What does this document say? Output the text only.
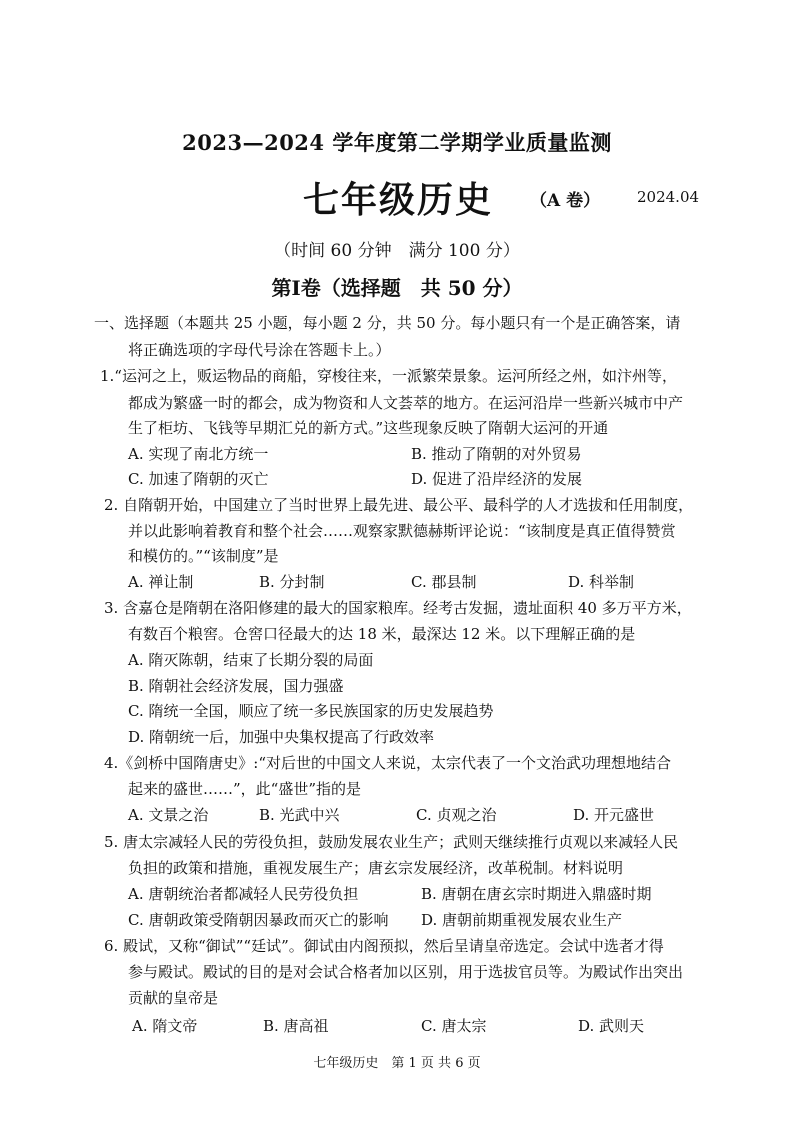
2023—2024 学年度第二学期学业质量监测
七年级历史 （A 卷） 2024.04
（时间 60 分钟　满分 100 分）
第Ⅰ卷（选择题　共 50 分）
一、选择题（本题共 25 小题，每小题 2 分，共 50 分。每小题只有一个是正确答案，请
将正确选项的字母代号涂在答题卡上。）
1.“运河之上，贩运物品的商船，穿梭往来，一派繁荣景象。运河所经之州，如汴州等，
都成为繁盛一时的都会，成为物资和人文荟萃的地方。在运河沿岸一些新兴城市中产
生了柜坊、飞钱等早期汇兑的新方式。”这些现象反映了隋朝大运河的开通
A. 实现了南北方统一	B. 推动了隋朝的对外贸易
C. 加速了隋朝的灭亡	D. 促进了沿岸经济的发展
2. 自隋朝开始，中国建立了当时世界上最先进、最公平、最科学的人才选拔和任用制度，
并以此影响着教育和整个社会……观察家默德赫斯评论说：“该制度是真正值得赞赏
和模仿的。”“该制度”是
A. 禅让制	B. 分封制	C. 郡县制	D. 科举制
3. 含嘉仓是隋朝在洛阳修建的最大的国家粮库。经考古发掘，遗址面积 40 多万平方米，
有数百个粮窖。仓窖口径最大的达 18 米，最深达 12 米。以下理解正确的是
A. 隋灭陈朝，结束了长期分裂的局面
B. 隋朝社会经济发展，国力强盛
C. 隋统一全国，顺应了统一多民族国家的历史发展趋势
D. 隋朝统一后，加强中央集权提高了行政效率
4.《剑桥中国隋唐史》:“对后世的中国文人来说，太宗代表了一个文治武功理想地结合
起来的盛世……”，此“盛世”指的是
A. 文景之治	B. 光武中兴	C. 贞观之治	D. 开元盛世
5. 唐太宗减轻人民的劳役负担，鼓励发展农业生产；武则天继续推行贞观以来减轻人民
负担的政策和措施，重视发展生产；唐玄宗发展经济，改革税制。材料说明
A. 唐朝统治者都减轻人民劳役负担	B. 唐朝在唐玄宗时期进入鼎盛时期
C. 唐朝政策受隋朝因暴政而灭亡的影响 D. 唐朝前期重视发展农业生产
6. 殿试，又称“御试”“廷试”。御试由内阁预拟，然后呈请皇帝选定。会试中选者才得
参与殿试。殿试的目的是对会试合格者加以区别，用于选拔官员等。为殿试作出突出
贡献的皇帝是
A. 隋文帝	B. 唐高祖	C. 唐太宗	D. 武则天
七年级历史　第 1 页 共 6 页
